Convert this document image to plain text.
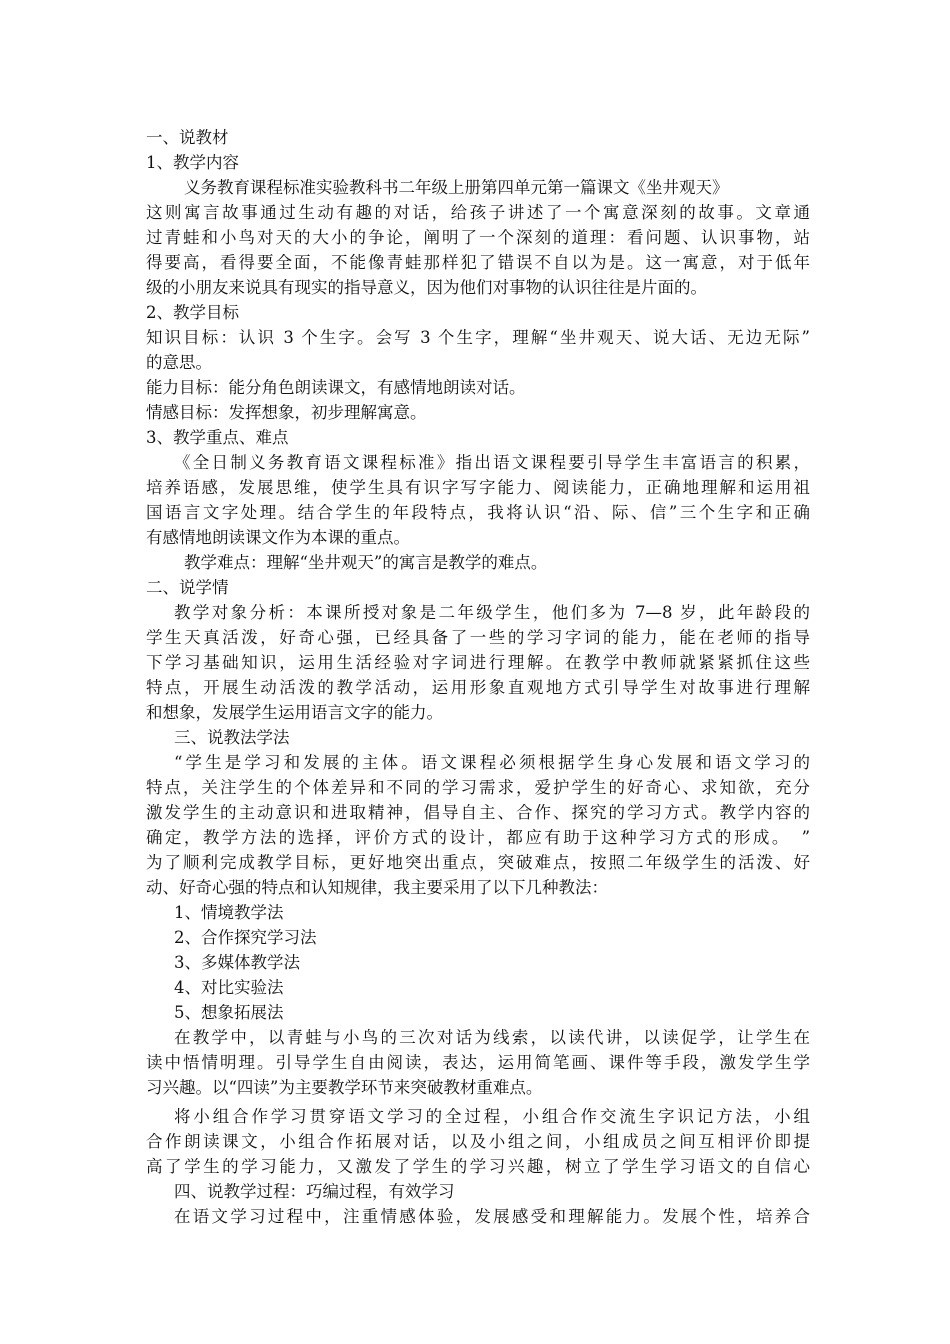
一、说教材
1、教学内容
义务教育课程标准实验教科书二年级上册第四单元第一篇课文《坐井观天》
这则寓言故事通过生动有趣的对话，给孩子讲述了一个寓意深刻的故事。文章通
过青蛙和小鸟对天的大小的争论，阐明了一个深刻的道理：看问题、认识事物，站
得要高，看得要全面，不能像青蛙那样犯了错误不自以为是。这一寓意，对于低年
级的小朋友来说具有现实的指导意义，因为他们对事物的认识往往是片面的。
2、教学目标
知识目标：认识 3 个生字。会写 3 个生字，理解“坐井观天、说大话、无边无际”
的意思。
能力目标：能分角色朗读课文，有感情地朗读对话。
情感目标：发挥想象，初步理解寓意。
3、教学重点、难点
《全日制义务教育语文课程标准》指出语文课程要引导学生丰富语言的积累，
培养语感，发展思维，使学生具有识字写字能力、阅读能力，正确地理解和运用祖
国语言文字处理。结合学生的年段特点，我将认识“沿、际、信”三个生字和正确
有感情地朗读课文作为本课的重点。
教学难点：理解“坐井观天”的寓言是教学的难点。
二、说学情
教学对象分析：本课所授对象是二年级学生，他们多为 7—8 岁，此年龄段的
学生天真活泼，好奇心强，已经具备了一些的学习字词的能力，能在老师的指导
下学习基础知识，运用生活经验对字词进行理解。在教学中教师就紧紧抓住这些
特点，开展生动活泼的教学活动，运用形象直观地方式引导学生对故事进行理解
和想象，发展学生运用语言文字的能力。
三、说教法学法
“学生是学习和发展的主体。语文课程必须根据学生身心发展和语文学习的
特点，关注学生的个体差异和不同的学习需求，爱护学生的好奇心、求知欲，充分
激发学生的主动意识和进取精神，倡导自主、合作、探究的学习方式。教学内容的
确定，教学方法的选择，评价方式的设计，都应有助于这种学习方式的形成。　”
为了顺利完成教学目标，更好地突出重点，突破难点，按照二年级学生的活泼、好
动、好奇心强的特点和认知规律，我主要采用了以下几种教法：
1、情境教学法
2、合作探究学习法
3、多媒体教学法
4、对比实验法
5、想象拓展法
在教学中，以青蛙与小鸟的三次对话为线索，以读代讲，以读促学，让学生在
读中悟情明理。引导学生自由阅读，表达，运用简笔画、课件等手段，激发学生学
习兴趣。以“四读”为主要教学环节来突破教材重难点。
将小组合作学习贯穿语文学习的全过程，小组合作交流生字识记方法，小组
合作朗读课文，小组合作拓展对话，以及小组之间，小组成员之间互相评价即提
高了学生的学习能力，又激发了学生的学习兴趣，树立了学生学习语文的自信心
四、说教学过程：巧编过程，有效学习
在语文学习过程中，注重情感体验，发展感受和理解能力。发展个性，培养合
